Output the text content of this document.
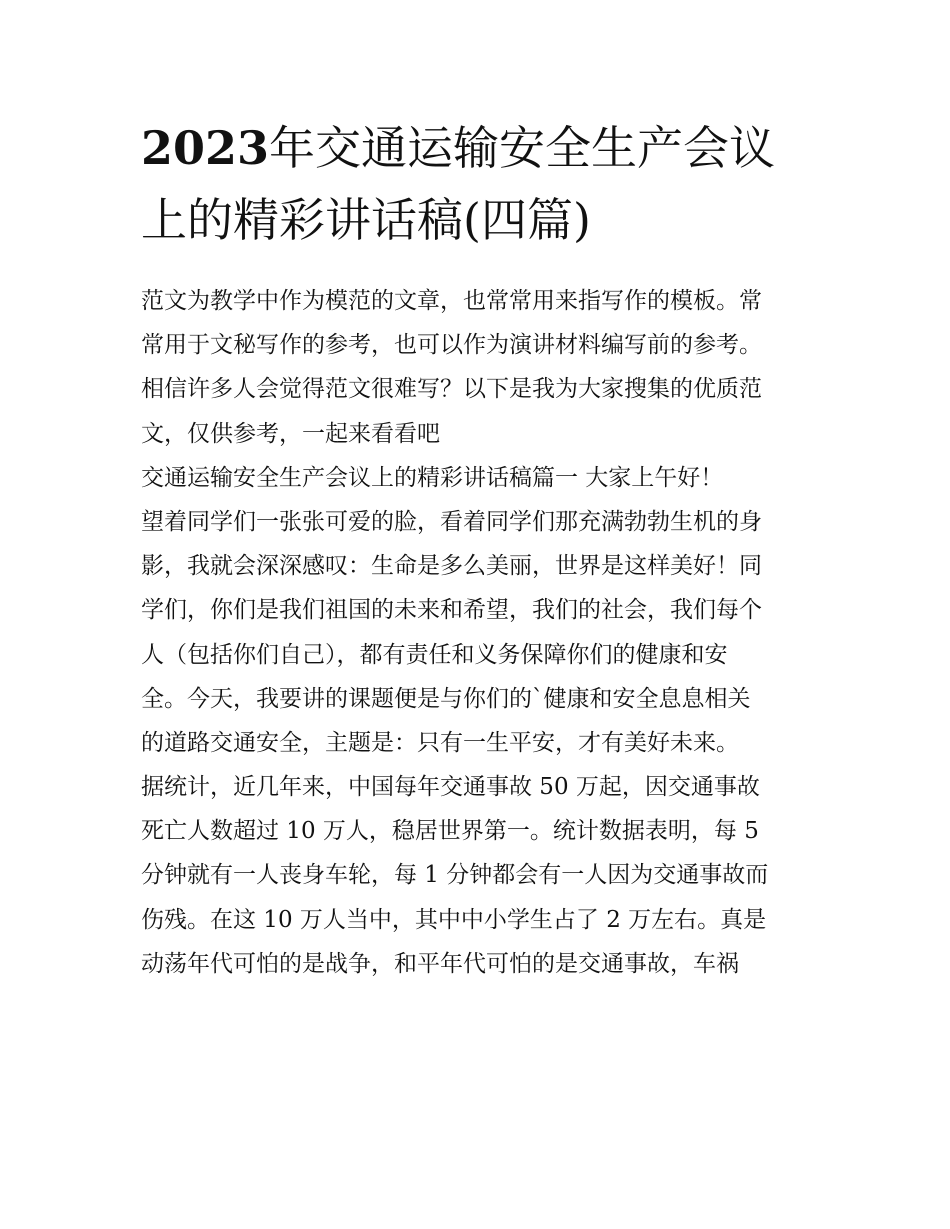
2023年交通运输安全生产会议
上的精彩讲话稿(四篇)
范文为教学中作为模范的文章，也常常用来指写作的模板。常
常用于文秘写作的参考，也可以作为演讲材料编写前的参考。
相信许多人会觉得范文很难写？以下是我为大家搜集的优质范
文，仅供参考，一起来看看吧
交通运输安全生产会议上的精彩讲话稿篇一 大家上午好！
望着同学们一张张可爱的脸，看着同学们那充满勃勃生机的身
影，我就会深深感叹：生命是多么美丽，世界是这样美好！同
学们，你们是我们祖国的未来和希望，我们的社会，我们每个
人（包括你们自己），都有责任和义务保障你们的健康和安
全。今天，我要讲的课题便是与你们的`健康和安全息息相关
的道路交通安全，主题是：只有一生平安，才有美好未来。
据统计，近几年来，中国每年交通事故 50 万起，因交通事故
死亡人数超过 10 万人，稳居世界第一。统计数据表明，每 5
分钟就有一人丧身车轮，每 1 分钟都会有一人因为交通事故而
伤残。在这 10 万人当中，其中中小学生占了 2 万左右。真是
动荡年代可怕的是战争，和平年代可怕的是交通事故，车祸
